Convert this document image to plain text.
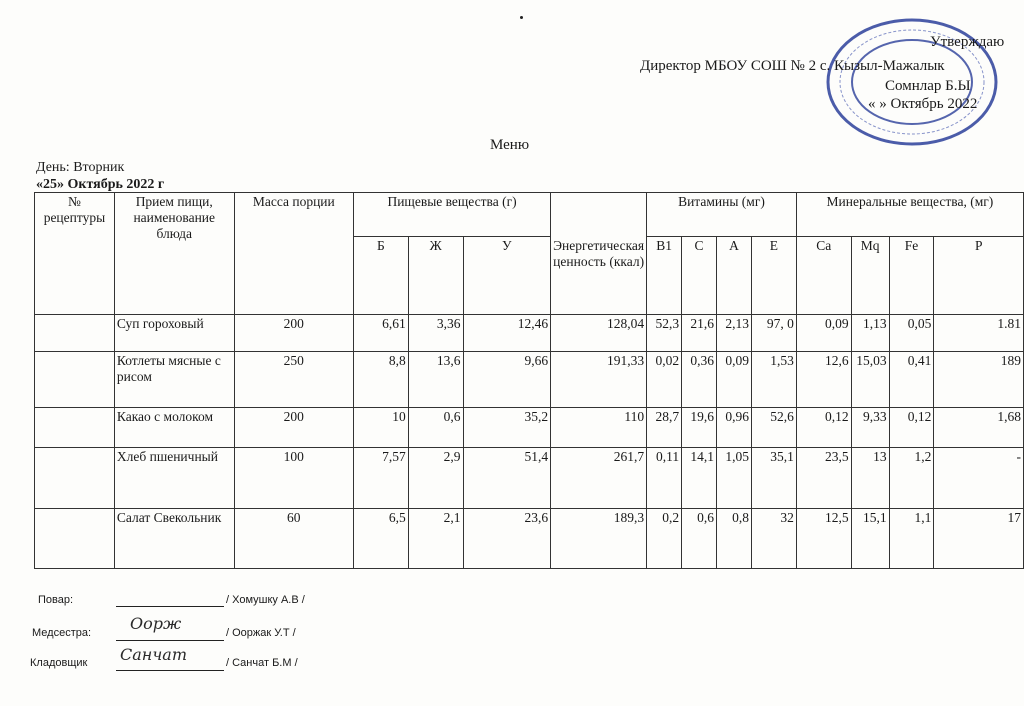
Утверждаю
Директор МБОУ СОШ № 2 с. Кызыл-Мажалык
Сомнлар Б.Ы
« » Октябрь 2022
Меню
День: Вторник
«25» Октябрь 2022 г
№ рецептуры	Прием пищи, наименование блюда	Масса порции	Пищевые вещества (г)			Энергетическая ценность (ккал)	Витамины (мг)				Минеральные вещества, (мг)			
			Б	Ж	У		B1	C	A	E	Ca	Mq	Fe	P
	Суп гороховый	200	6,61	3,36	12,46	128,04	52,3	21,6	2,13	97, 0	0,09	1,13	0,05	1.81
	Котлеты мясные с рисом	250	8,8	13,6	9,66	191,33	0,02	0,36	0,09	1,53	12,6	15,03	0,41	189
	Какао с молоком	200	10	0,6	35,2	110	28,7	19,6	0,96	52,6	0,12	9,33	0,12	1,68
	Хлеб пшеничный	100	7,57	2,9	51,4	261,7	0,11	14,1	1,05	35,1	23,5	13	1,2	-
	Салат Свекольник	60	6,5	2,1	23,6	189,3	0,2	0,6	0,8	32	12,5	15,1	1,1	17
Повар:	/ Хомушку А.В /
Медсестра: Оорж	/ Ооржак У.Т /
Кладовщик Санчат	/ Санчат Б.М /
